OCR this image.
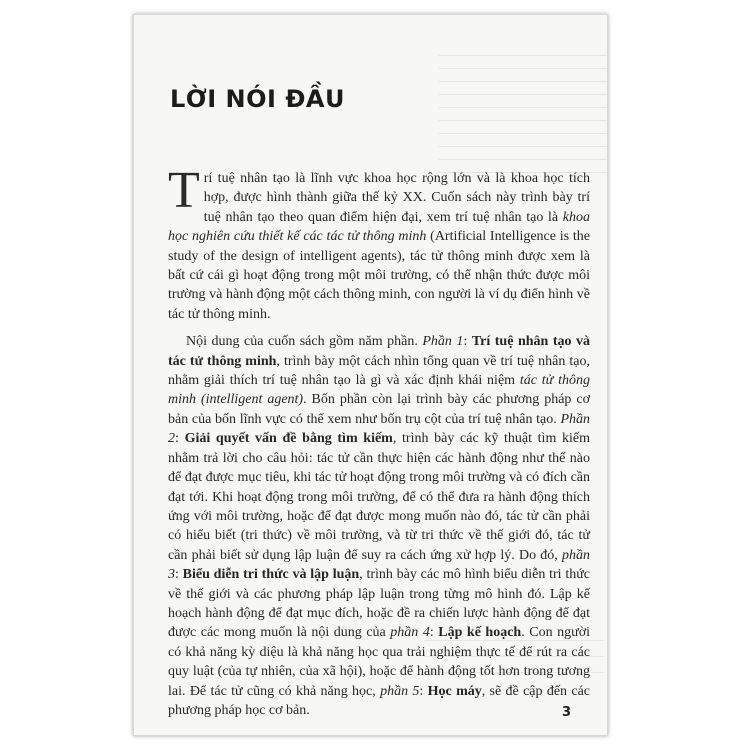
LỜI NÓI ĐẦU

Trí tuệ nhân tạo là lĩnh vực khoa học rộng lớn và là khoa học tích hợp, được hình thành giữa thế kỷ XX. Cuốn sách này trình bày trí tuệ nhân tạo theo quan điểm hiện đại, xem trí tuệ nhân tạo là khoa học nghiên cứu thiết kế các tác tử thông minh (Artificial Intelligence is the study of the design of intelligent agents), tác tử thông minh được xem là bất cứ cái gì hoạt động trong một môi trường, có thể nhận thức được môi trường và hành động một cách thông minh, con người là ví dụ điển hình về tác tử thông minh.

Nội dung của cuốn sách gồm năm phần. Phần 1: Trí tuệ nhân tạo và tác tử thông minh, trình bày một cách nhìn tổng quan về trí tuệ nhân tạo, nhằm giải thích trí tuệ nhân tạo là gì và xác định khái niệm tác tử thông minh (intelligent agent). Bốn phần còn lại trình bày các phương pháp cơ bản của bốn lĩnh vực có thể xem như bốn trụ cột của trí tuệ nhân tạo. Phần 2: Giải quyết vấn đề bằng tìm kiếm, trình bày các kỹ thuật tìm kiếm nhằm trả lời cho câu hỏi: tác tử cần thực hiện các hành động như thế nào để đạt được mục tiêu, khi tác tử hoạt động trong môi trường và có đích cần đạt tới. Khi hoạt động trong môi trường, để có thể đưa ra hành động thích ứng với môi trường, hoặc để đạt được mong muốn nào đó, tác tử cần phải có hiểu biết (tri thức) về môi trường, và từ tri thức về thế giới đó, tác tử cần phải biết sử dụng lập luận để suy ra cách ứng xử hợp lý. Do đó, phần 3: Biểu diễn tri thức và lập luận, trình bày các mô hình biểu diễn tri thức về thế giới và các phương pháp lập luận trong từng mô hình đó. Lập kế hoạch hành động để đạt mục đích, hoặc đề ra chiến lược hành động để đạt được các mong muốn là nội dung của phần 4: Lập kế hoạch. Con người có khả năng kỳ diệu là khả năng học qua trải nghiệm thực tế để rút ra các quy luật (của tự nhiên, của xã hội), hoặc để hành động tốt hơn trong tương lai. Để tác tử cũng có khả năng học, phần 5: Học máy, sẽ đề cập đến các phương pháp học cơ bản.	3
